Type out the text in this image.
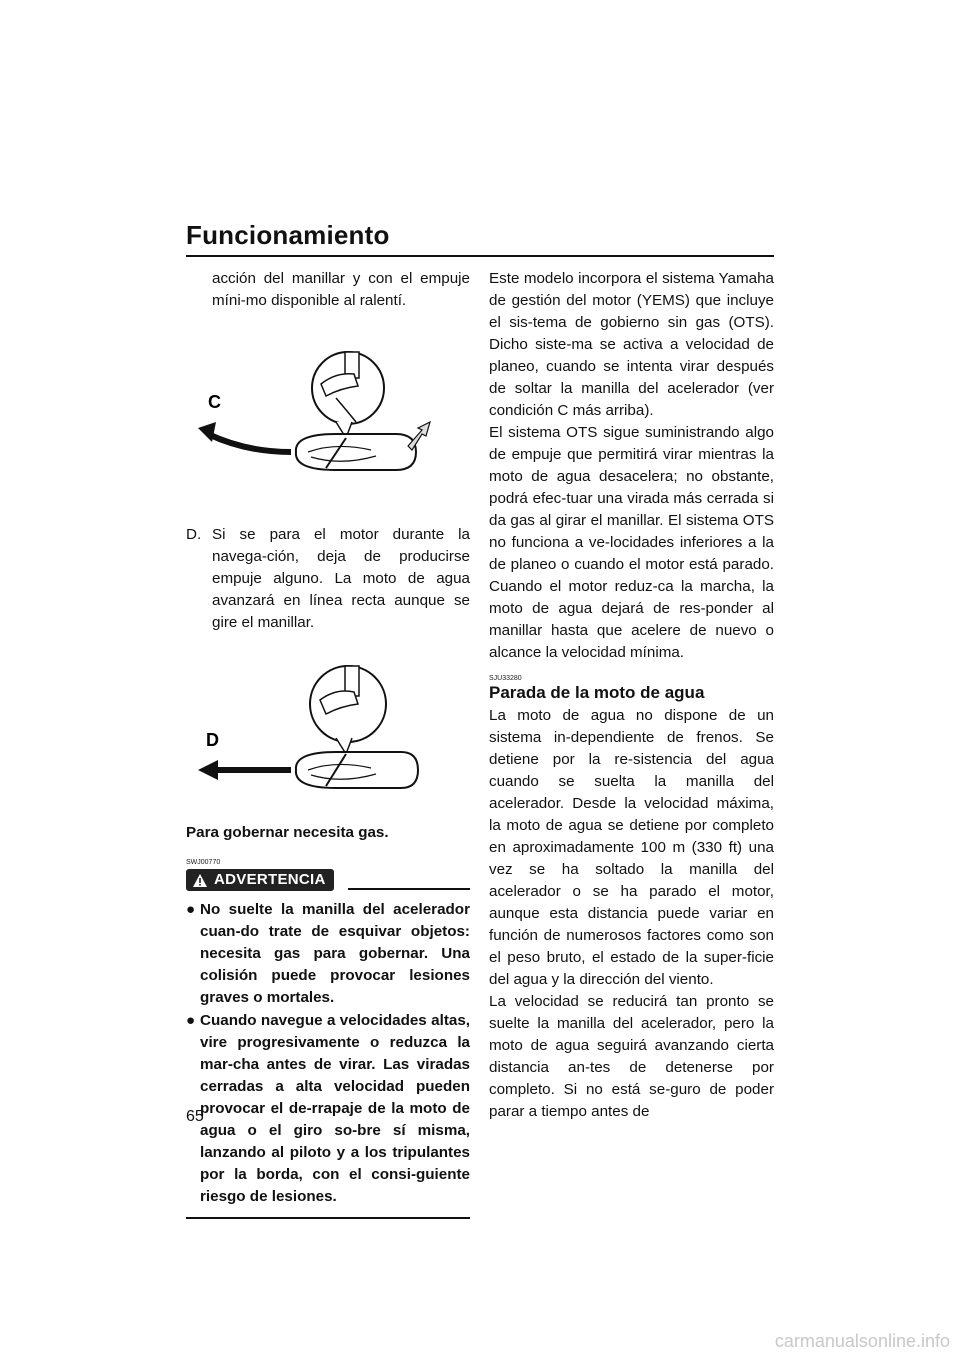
Funcionamiento

acción del manillar y con el empuje míni-mo disponible al ralentí.

C
D. Si se para el motor durante la navega-ción, deja de producirse empuje alguno. La moto de agua avanzará en línea recta aunque se gire el manillar.
D

Para gobernar necesita gas.

SWJ00770
ADVERTENCIA
● No suelte la manilla del acelerador cuan-do trate de esquivar objetos: necesita gas para gobernar. Una colisión puede provocar lesiones graves o mortales.
● Cuando navegue a velocidades altas, vire progresivamente o reduzca la mar-cha antes de virar. Las viradas cerradas a alta velocidad pueden provocar el de-rrapaje de la moto de agua o el giro so-bre sí misma, lanzando al piloto y a los tripulantes por la borda, con el consi-guiente riesgo de lesiones.

Este modelo incorpora el sistema Yamaha de gestión del motor (YEMS) que incluye el sis-tema de gobierno sin gas (OTS). Dicho siste-ma se activa a velocidad de planeo, cuando se intenta virar después de soltar la manilla del acelerador (ver condición C más arriba).

El sistema OTS sigue suministrando algo de empuje que permitirá virar mientras la moto de agua desacelera; no obstante, podrá efec-tuar una virada más cerrada si da gas al girar el manillar. El sistema OTS no funciona a ve-locidades inferiores a la de planeo o cuando el motor está parado. Cuando el motor reduz-ca la marcha, la moto de agua dejará de res-ponder al manillar hasta que acelere de nuevo o alcance la velocidad mínima.

SJU33280
Parada de la moto de agua

La moto de agua no dispone de un sistema in-dependiente de frenos. Se detiene por la re-sistencia del agua cuando se suelta la manilla del acelerador. Desde la velocidad máxima, la moto de agua se detiene por completo en aproximadamente 100 m (330 ft) una vez se ha soltado la manilla del acelerador o se ha parado el motor, aunque esta distancia puede variar en función de numerosos factores como son el peso bruto, el estado de la super-ficie del agua y la dirección del viento.

La velocidad se reducirá tan pronto se suelte la manilla del acelerador, pero la moto de agua seguirá avanzando cierta distancia an-tes de detenerse por completo. Si no está se-guro de poder parar a tiempo antes de

65
carmanualsonline.info
